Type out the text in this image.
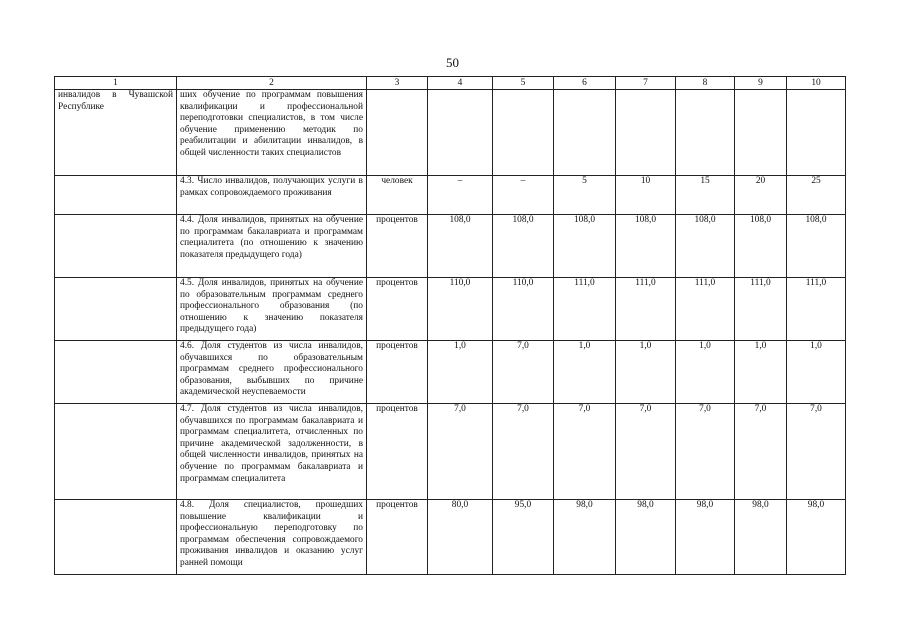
50
1	2	3	4	5	6	7	8	9	10

инвалидов в Чувашской Республике	ших обучение по программам повышения квалификации и профессиональной переподготовки специалистов, в том числе обучение применению методик по реабилитации и абилитации инвалидов, в общей численности таких специалистов								

	4.3. Число инвалидов, получающих услуги в рамках сопровождаемого проживания	человек	–	–	5	10	15	20	25

	4.4. Доля инвалидов, принятых на обучение по программам бакалавриата и программам специалитета (по отношению к значению показателя предыдущего года)	процентов	108,0	108,0	108,0	108,0	108,0	108,0	108,0

	4.5. Доля инвалидов, принятых на обучение по образовательным программам среднего профессионального образования (по отношению к значению показателя предыдущего года)	процентов	110,0	110,0	111,0	111,0	111,0	111,0	111,0

	4.6. Доля студентов из числа инвалидов, обучавшихся по образовательным программам среднего профессионального образования, выбывших по причине академической неуспеваемости	процентов	1,0	7,0	1,0	1,0	1,0	1,0	1,0

	4.7. Доля студентов из числа инвалидов, обучавшихся по программам бакалавриата и программам специалитета, отчисленных по причине академической задолженности, в общей численности инвалидов, принятых на обучение по программам бакалавриата и программам специалитета	процентов	7,0	7,0	7,0	7,0	7,0	7,0	7,0

	4.8. Доля специалистов, прошедших повышение квалификации и профессиональную переподготовку по программам обеспечения сопровождаемого проживания инвалидов и оказанию услуг ранней помощи	процентов	80,0	95,0	98,0	98,0	98,0	98,0	98,0
